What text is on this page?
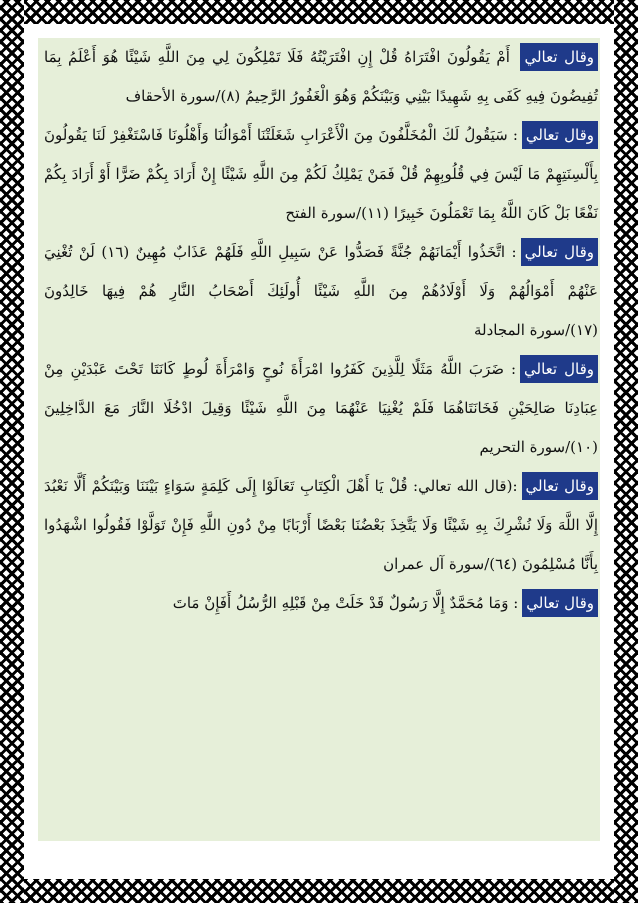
وقال تعالي أَمْ يَقُولُونَ افْتَرَاهُ قُلْ إِنِ افْتَرَيْتُهُ فَلَا تَمْلِكُونَ لِي مِنَ اللَّهِ شَيْئًا هُوَ أَعْلَمُ بِمَا تُفِيضُونَ فِيهِ كَفَى بِهِ شَهِيدًا بَيْنِي وَبَيْنَكُمْ وَهُوَ الْغَفُورُ الرَّحِيمُ (٨)/سورة الأحقاف

وقال تعالي: سَيَقُولُ لَكَ الْمُخَلَّفُونَ مِنَ الْأَعْرَابِ شَغَلَتْنَا أَمْوَالُنَا وَأَهْلُونَا فَاسْتَغْفِرْ لَنَا يَقُولُونَ بِأَلْسِنَتِهِمْ مَا لَيْسَ فِي قُلُوبِهِمْ قُلْ فَمَنْ يَمْلِكُ لَكُمْ مِنَ اللَّهِ شَيْئًا إِنْ أَرَادَ بِكُمْ ضَرًّا أَوْ أَرَادَ بِكُمْ نَفْعًا بَلْ كَانَ اللَّهُ بِمَا تَعْمَلُونَ خَبِيرًا (١١)/سورة الفتح

وقال تعالي: اتَّخَذُوا أَيْمَانَهُمْ جُنَّةً فَصَدُّوا عَنْ سَبِيلِ اللَّهِ فَلَهُمْ عَذَابٌ مُهِينٌ (١٦) لَنْ تُغْنِيَ عَنْهُمْ أَمْوَالُهُمْ وَلَا أَوْلَادُهُمْ مِنَ اللَّهِ شَيْئًا أُولَئِكَ أَصْحَابُ النَّارِ هُمْ فِيهَا خَالِدُونَ (١٧)/سورة المجادلة

وقال تعالي: ضَرَبَ اللَّهُ مَثَلًا لِلَّذِينَ كَفَرُوا امْرَأَةَ نُوحٍ وَامْرَأَةَ لُوطٍ كَانَتَا تَحْتَ عَبْدَيْنِ مِنْ عِبَادِنَا صَالِحَيْنِ فَخَانَتَاهُمَا فَلَمْ يُغْنِيَا عَنْهُمَا مِنَ اللَّهِ شَيْئًا وَقِيلَ ادْخُلَا النَّارَ مَعَ الدَّاخِلِينَ (١٠)/سورة التحريم

وقال تعالي:(قال الله تعالي: قُلْ يَا أَهْلَ الْكِتَابِ تَعَالَوْا إِلَى كَلِمَةٍ سَوَاءٍ بَيْنَنَا وَبَيْنَكُمْ أَلَّا نَعْبُدَ إِلَّا اللَّهَ وَلَا نُشْرِكَ بِهِ شَيْئًا وَلَا يَتَّخِذَ بَعْضُنَا بَعْضًا أَرْبَابًا مِنْ دُونِ اللَّهِ فَإِنْ تَوَلَّوْا فَقُولُوا اشْهَدُوا بِأَنَّا مُسْلِمُونَ (٦٤)/سورة آل عمران

وقال تعالي: وَمَا مُحَمَّدٌ إِلَّا رَسُولٌ قَدْ خَلَتْ مِنْ قَبْلِهِ الرُّسُلُ أَفَإِنْ مَاتَ
